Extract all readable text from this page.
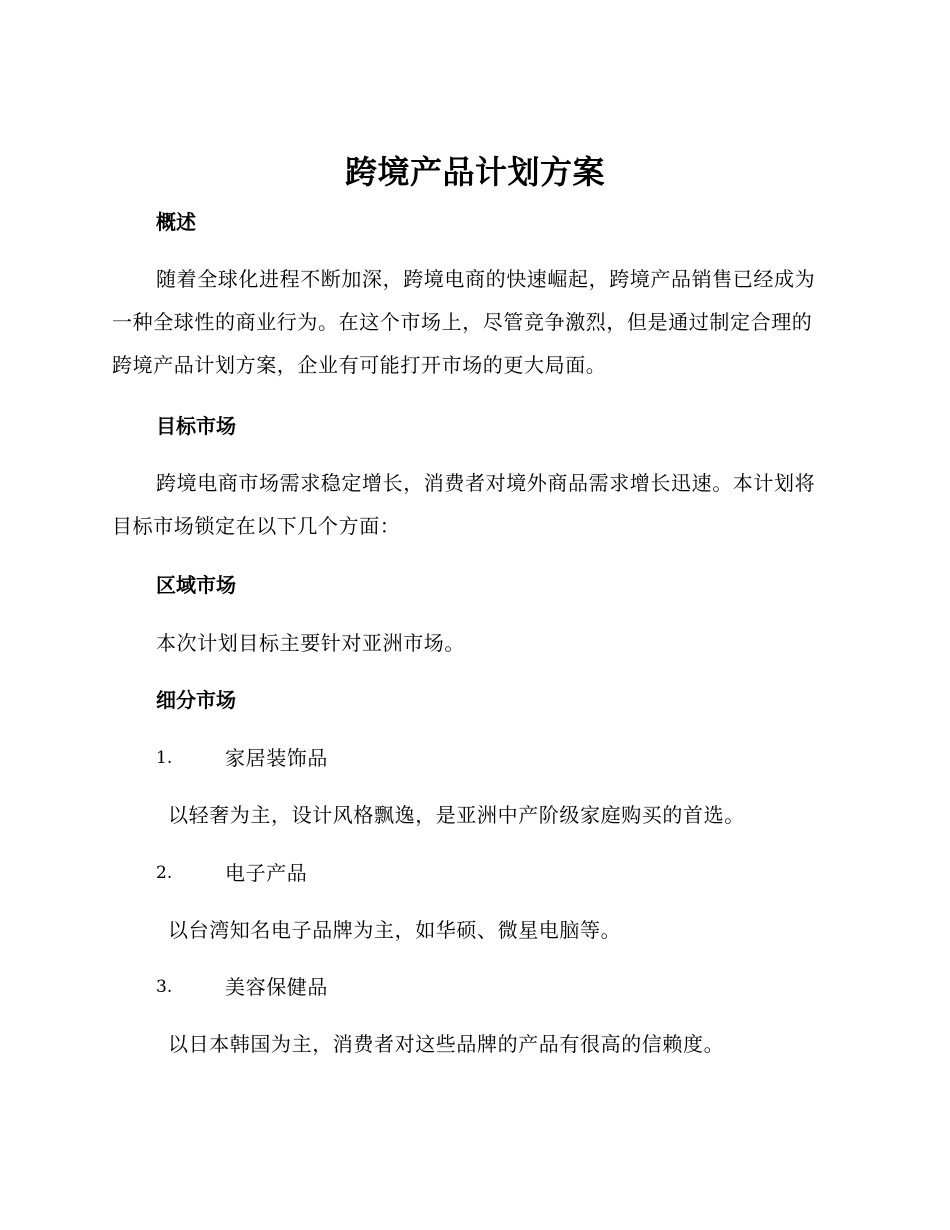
跨境产品计划方案
概述

随着全球化进程不断加深，跨境电商的快速崛起，跨境产品销售已经成为一种全球性的商业行为。在这个市场上，尽管竞争激烈，但是通过制定合理的跨境产品计划方案，企业有可能打开市场的更大局面。

目标市场

跨境电商市场需求稳定增长，消费者对境外商品需求增长迅速。本计划将目标市场锁定在以下几个方面：

区域市场
本次计划目标主要针对亚洲市场。
细分市场
1.	家居装饰品
以轻奢为主，设计风格飘逸，是亚洲中产阶级家庭购买的首选。
2.	电子产品
以台湾知名电子品牌为主，如华硕、微星电脑等。
3.	美容保健品
以日本韩国为主，消费者对这些品牌的产品有很高的信赖度。
